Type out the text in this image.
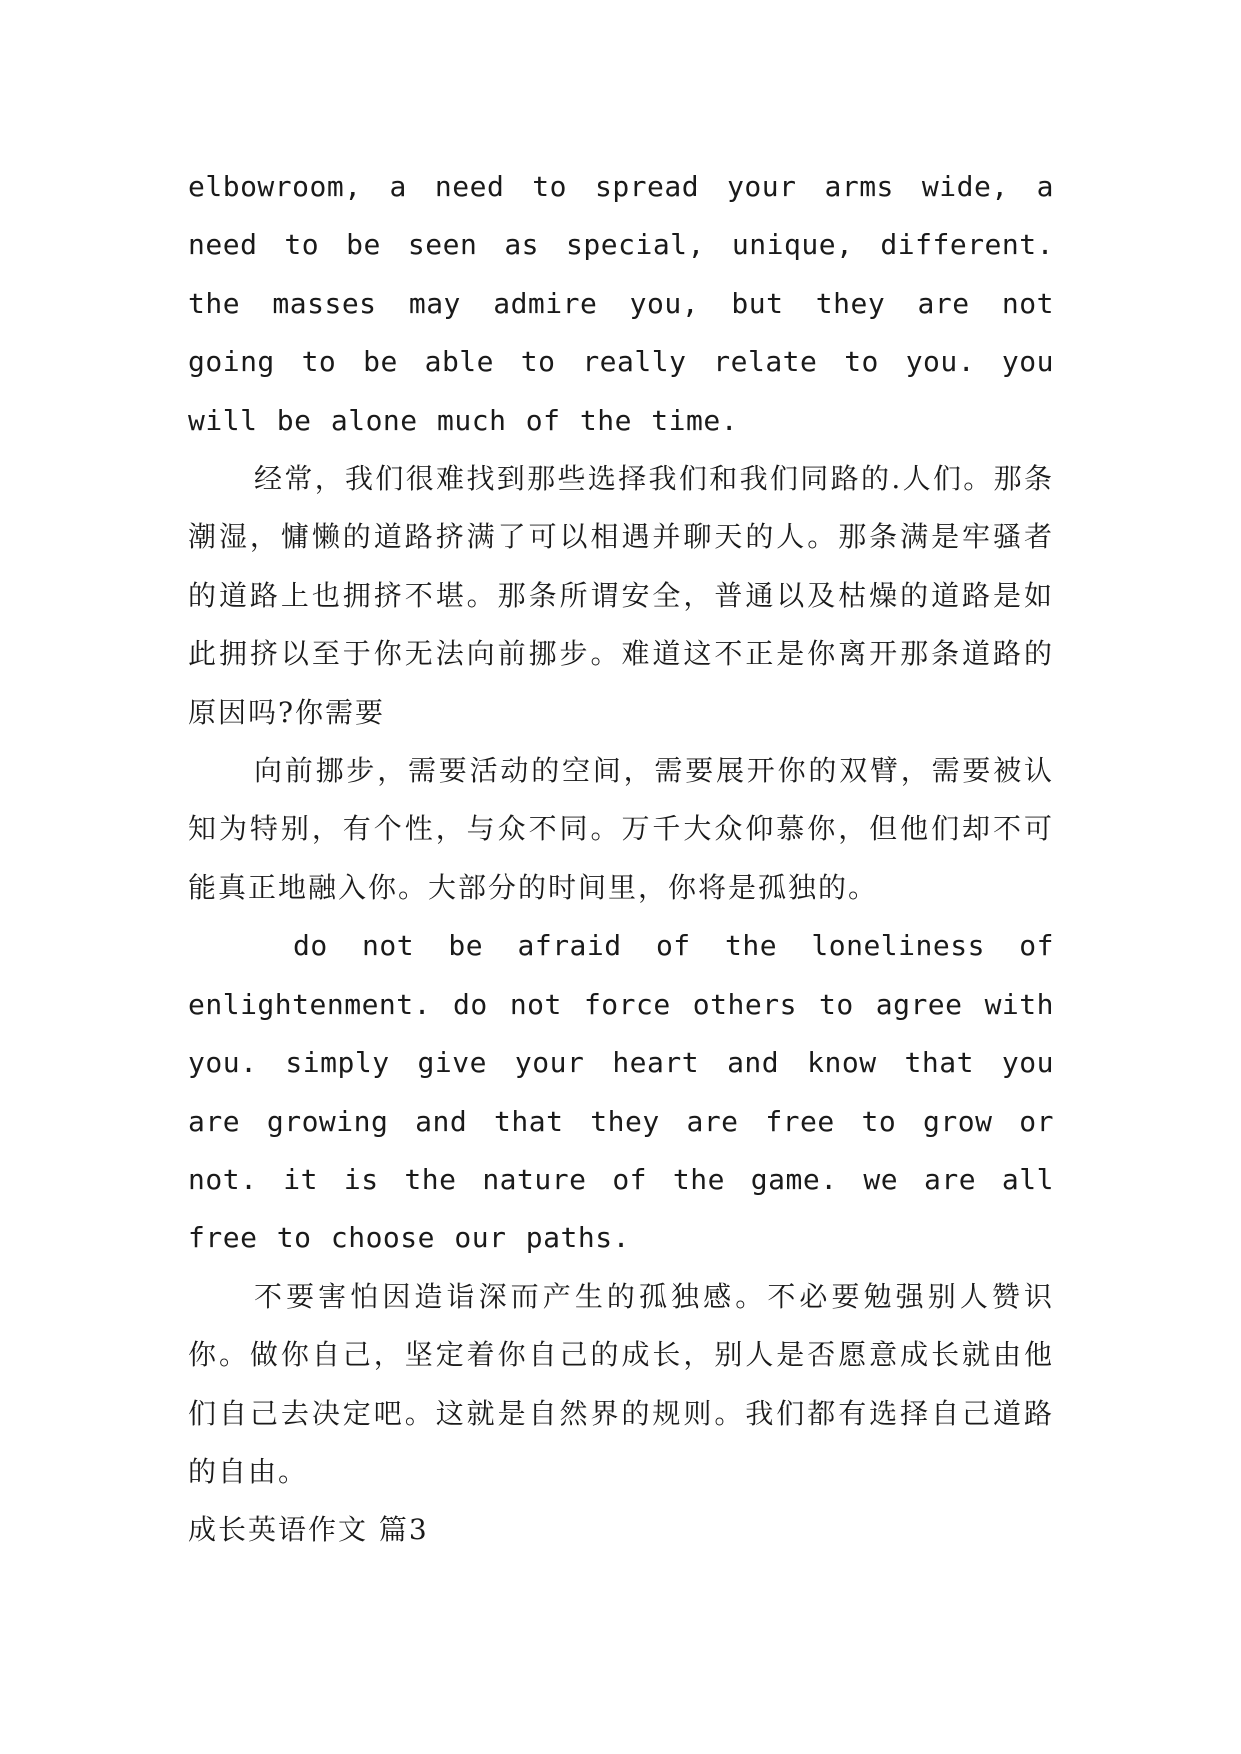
elbowroom, a need to spread your arms wide, a need to be seen as special, unique, different. the masses may admire you, but they are not going to be able to really relate to you. you will be alone much of the time.

经常，我们很难找到那些选择我们和我们同路的.人们。那条潮湿，慵懒的道路挤满了可以相遇并聊天的人。那条满是牢骚者的道路上也拥挤不堪。那条所谓安全，普通以及枯燥的道路是如此拥挤以至于你无法向前挪步。难道这不正是你离开那条道路的原因吗?你需要

向前挪步，需要活动的空间，需要展开你的双臂，需要被认知为特别，有个性，与众不同。万千大众仰慕你，但他们却不可能真正地融入你。大部分的时间里，你将是孤独的。

do not be afraid of the loneliness of enlightenment. do not force others to agree with you. simply give your heart and know that you are growing and that they are free to grow or not. it is the nature of the game. we are all free to choose our paths.

不要害怕因造诣深而产生的孤独感。不必要勉强别人赞识你。做你自己，坚定着你自己的成长，别人是否愿意成长就由他们自己去决定吧。这就是自然界的规则。我们都有选择自己道路的自由。

成长英语作文 篇3
